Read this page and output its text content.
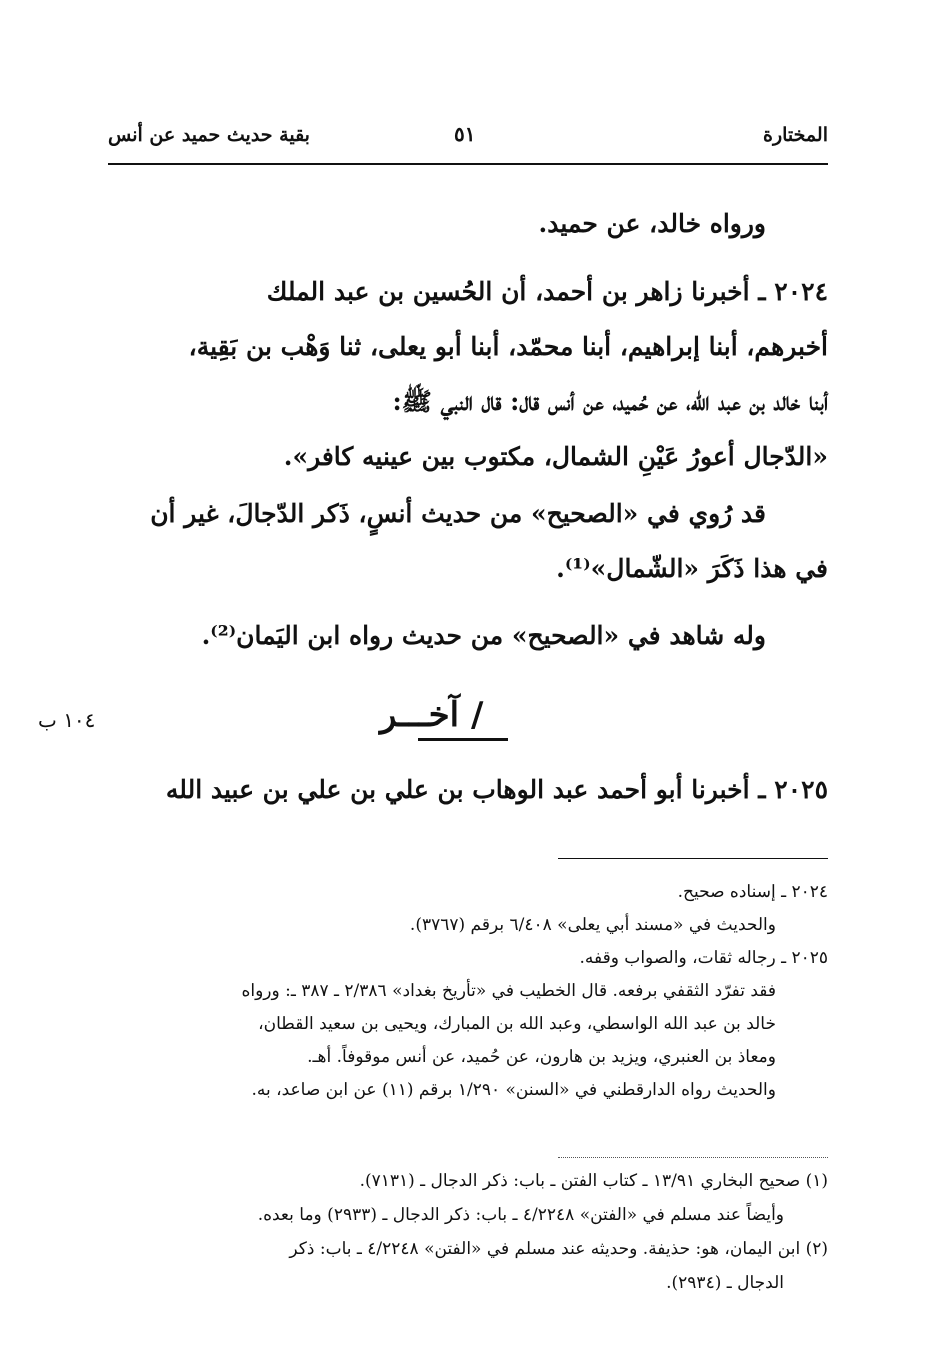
المختارة
٥١
بقية حديث حميد عن أنس
ورواه خالد، عن حميد.
٢٠٢٤ ـ أخبرنا زاهر بن أحمد، أن الحُسين بن عبد الملك
أخبرهم، أبنا إبراهيم، أبنا محمّد، أبنا أبو يعلى، ثنا وَهْب بن بَقِية،
أبنا خالد بن عبد الله، عن حُميد، عن أنس قال: قال النبي ﷺ:
«الدّجال أعورُ عَيْنِ الشمال، مكتوب بين عينيه كافر».
قد رُوي في «الصحيح» من حديث أنسٍ، ذَكر الدّجالَ، غير أن
في هذا ذَكَرَ «الشّمال»⁽¹⁾.
وله شاهد في «الصحيح» من حديث رواه ابن اليَمان⁽²⁾.
/ آخـــر
١٠٤ ب
٢٠٢٥ ـ أخبرنا أبو أحمد عبد الوهاب بن علي بن علي بن عبيد الله
٢٠٢٤ ـ إسناده صحيح.
والحديث في «مسند أبي يعلى» ٦/٤٠٨ برقم (٣٧٦٧).
٢٠٢٥ ـ رجاله ثقات، والصواب وقفه.
فقد تفرّد الثقفي برفعه. قال الخطيب في «تأريخ بغداد» ٢/٣٨٦ ـ ٣٨٧ ـ: ورواه
خالد بن عبد الله الواسطي، وعبد الله بن المبارك، ويحيى بن سعيد القطان،
ومعاذ بن العنبري، ويزيد بن هارون، عن حُميد، عن أنس موقوفاً. أهـ.
والحديث رواه الدارقطني في «السنن» ١/٢٩٠ برقم (١١) عن ابن صاعد، به.
(١) صحيح البخاري ١٣/٩١ ـ كتاب الفتن ـ باب: ذكر الدجال ـ (٧١٣١).
وأيضاً عند مسلم في «الفتن» ٤/٢٢٤٨ ـ باب: ذكر الدجال ـ (٢٩٣٣) وما بعده.
(٢) ابن اليمان، هو: حذيفة. وحديثه عند مسلم في «الفتن» ٤/٢٢٤٨ ـ باب: ذكر
الدجال ـ (٢٩٣٤).
